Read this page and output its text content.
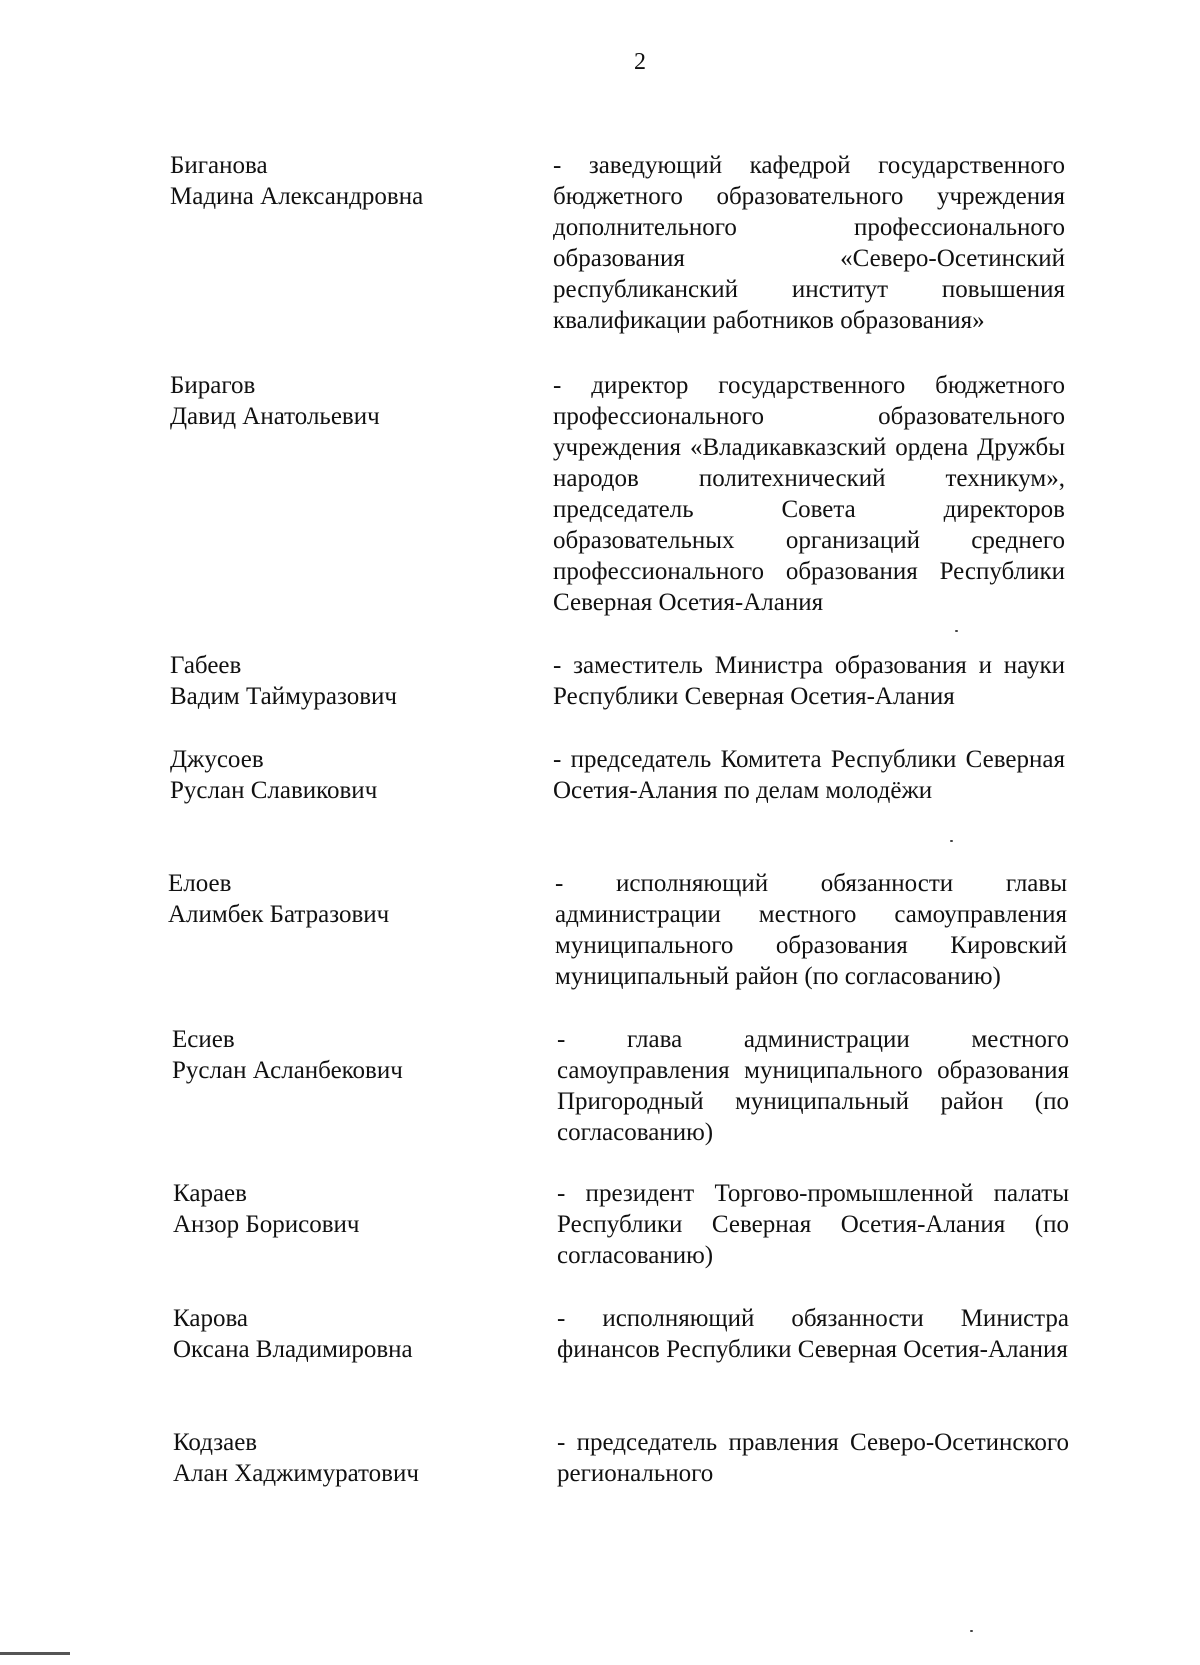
2
Биганова
Мадина Александровна
- заведующий кафедрой государственного бюджетного образовательного учреждения дополнительного профессионального образования «Северо-Осетинский республиканский институт повышения квалификации работников образования»
Бирагов
Давид Анатольевич
- директор государственного бюджетного профессионального образовательного учреждения «Владикавказский ордена Дружбы народов политехнический техникум», председатель Совета директоров образовательных организаций среднего профессионального образования Республики Северная Осетия-Алания
Габеев
Вадим Таймуразович
- заместитель Министра образования и науки Республики Северная Осетия-Алания
Джусоев
Руслан Славикович
- председатель Комитета Республики Северная Осетия-Алания по делам молодёжи
Елоев
Алимбек Батразович
- исполняющий обязанности главы администрации местного самоуправления муниципального образования Кировский муниципальный район (по согласованию)
Есиев
Руслан Асланбекович
- глава администрации местного самоуправления муниципального образования Пригородный муниципальный район (по согласованию)
Караев
Анзор Борисович
- президент Торгово-промышленной палаты Республики Северная Осетия-Алания (по согласованию)
Карова
Оксана Владимировна
- исполняющий обязанности Министра финансов Республики Северная Осетия-Алания
Кодзаев
Алан Хаджимуратович
- председатель правления Северо-Осетинского регионального
